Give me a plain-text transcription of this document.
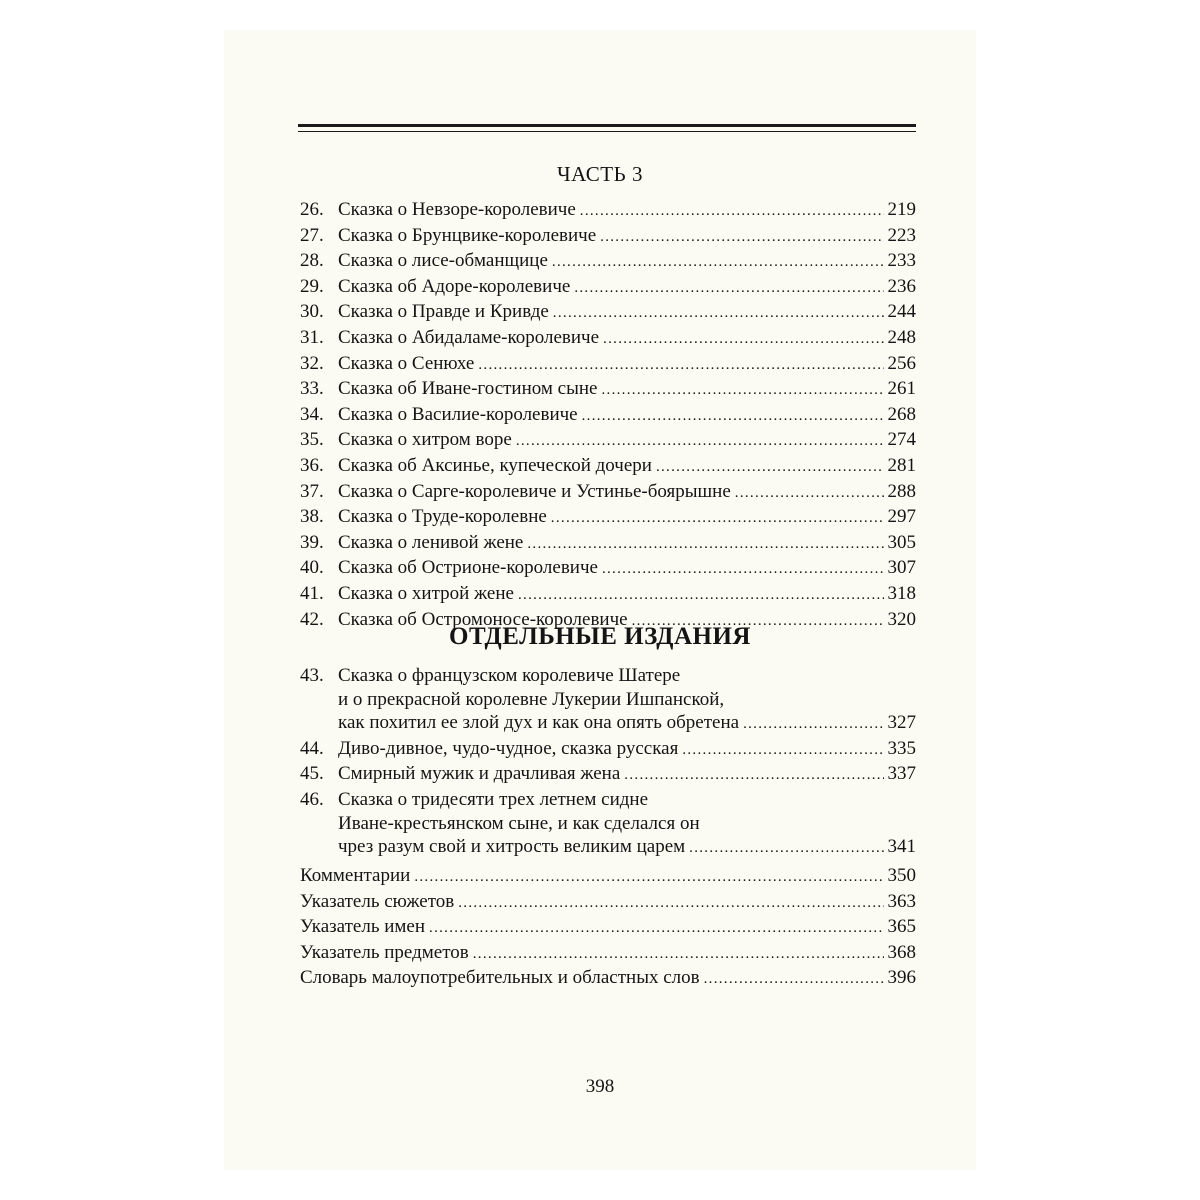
ЧАСТЬ 3
26. Сказка о Невзоре-королевиче .....	219
27. Сказка о Брунцвике-королевиче .....	223
28. Сказка о лисе-обманщице .....	233
29. Сказка об Адоре-королевиче .....	236
30. Сказка о Правде и Кривде .....	244
31. Сказка о Абидаламе-королевиче .....	248
32. Сказка о Сенюхе .....	256
33. Сказка об Иване-гостином сыне .....	261
34. Сказка о Василие-королевиче .....	268
35. Сказка о хитром воре .....	274
36. Сказка об Аксинье, купеческой дочери .....	281
37. Сказка о Сарге-королевиче и Устинье-боярышне .....	288
38. Сказка о Труде-королевне .....	297
39. Сказка о ленивой жене .....	305
40. Сказка об Острионе-королевиче .....	307
41. Сказка о хитрой жене .....	318
42. Сказка об Остромоносе-королевиче .....	320
ОТДЕЛЬНЫЕ ИЗДАНИЯ
43. Сказка о французском королевиче Шатере
и о прекрасной королевне Лукерии Ишпанской,
как похитил ее злой дух и как она опять обретена .....	327
44. Диво-дивное, чудо-чудное, сказка русская .....	335
45. Смирный мужик и драчливая жена .....	337
46. Сказка о тридесяти трех летнем сидне
Иване-крестьянском сыне, и как сделался он
чрез разум свой и хитрость великим царем .....	341
Комментарии .....	350
Указатель сюжетов .....	363
Указатель имен .....	365
Указатель предметов .....	368
Словарь малоупотребительных и областных слов .....	396
398
